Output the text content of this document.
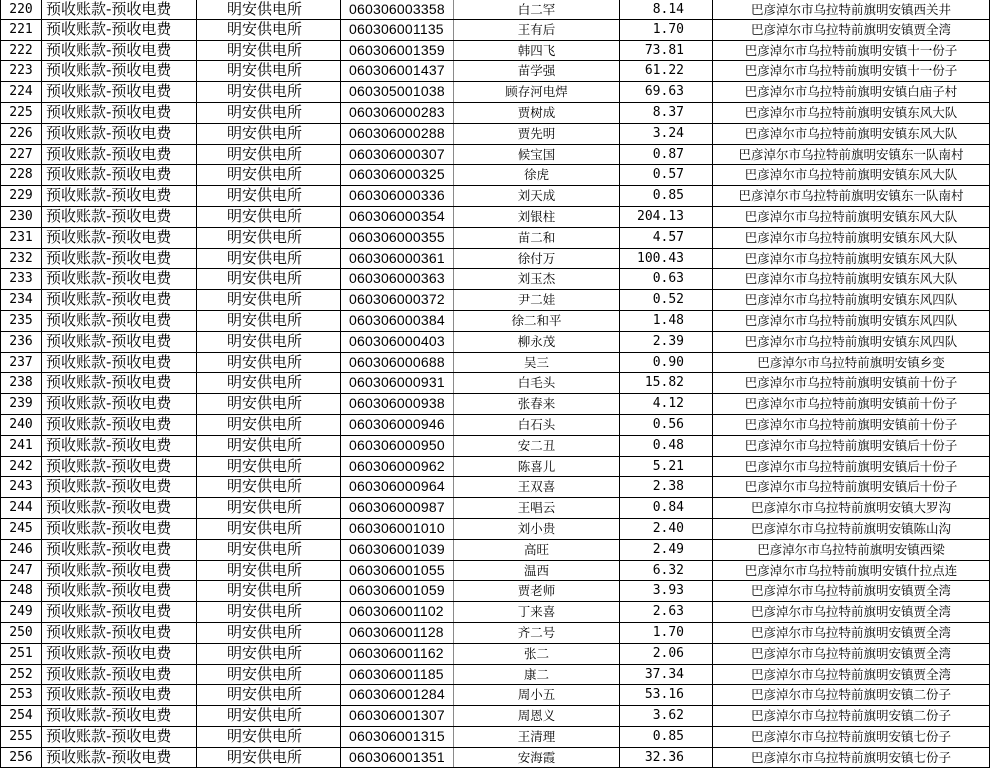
220 预收账款-预收电费	明安供电所	060306003358	白二罕	8.14	巴彦淖尔市乌拉特前旗明安镇西关井
221 预收账款-预收电费	明安供电所	060306001135	王有后	1.70	巴彦淖尔市乌拉特前旗明安镇贾全湾
222 预收账款-预收电费	明安供电所	060306001359	韩四飞	73.81	巴彦淖尔市乌拉特前旗明安镇十一份子
223 预收账款-预收电费	明安供电所	060306001437	苗学强	61.22	巴彦淖尔市乌拉特前旗明安镇十一份子
224 预收账款-预收电费	明安供电所	060305001038	顾存河电焊	69.63	巴彦淖尔市乌拉特前旗明安镇白庙子村
225 预收账款-预收电费	明安供电所	060306000283	贾树成	8.37	巴彦淖尔市乌拉特前旗明安镇东风大队
226 预收账款-预收电费	明安供电所	060306000288	贾先明	3.24	巴彦淖尔市乌拉特前旗明安镇东风大队
227 预收账款-预收电费	明安供电所	060306000307	候宝国	0.87	巴彦淖尔市乌拉特前旗明安镇东一队南村
228 预收账款-预收电费	明安供电所	060306000325	徐虎	0.57	巴彦淖尔市乌拉特前旗明安镇东风大队
229 预收账款-预收电费	明安供电所	060306000336	刘天成	0.85	巴彦淖尔市乌拉特前旗明安镇东一队南村
230 预收账款-预收电费	明安供电所	060306000354	刘银柱	204.13	巴彦淖尔市乌拉特前旗明安镇东风大队
231 预收账款-预收电费	明安供电所	060306000355	苗二和	4.57	巴彦淖尔市乌拉特前旗明安镇东风大队
232 预收账款-预收电费	明安供电所	060306000361	徐付万	100.43	巴彦淖尔市乌拉特前旗明安镇东风大队
233 预收账款-预收电费	明安供电所	060306000363	刘玉杰	0.63	巴彦淖尔市乌拉特前旗明安镇东风大队
234 预收账款-预收电费	明安供电所	060306000372	尹二娃	0.52	巴彦淖尔市乌拉特前旗明安镇东风四队
235 预收账款-预收电费	明安供电所	060306000384	徐二和平	1.48	巴彦淖尔市乌拉特前旗明安镇东风四队
236 预收账款-预收电费	明安供电所	060306000403	柳永茂	2.39	巴彦淖尔市乌拉特前旗明安镇东风四队
237 预收账款-预收电费	明安供电所	060306000688	吴三	0.90	巴彦淖尔市乌拉特前旗明安镇乡变
238 预收账款-预收电费	明安供电所	060306000931	白毛头	15.82	巴彦淖尔市乌拉特前旗明安镇前十份子
239 预收账款-预收电费	明安供电所	060306000938	张春来	4.12	巴彦淖尔市乌拉特前旗明安镇前十份子
240 预收账款-预收电费	明安供电所	060306000946	白石头	0.56	巴彦淖尔市乌拉特前旗明安镇前十份子
241 预收账款-预收电费	明安供电所	060306000950	安二丑	0.48	巴彦淖尔市乌拉特前旗明安镇后十份子
242 预收账款-预收电费	明安供电所	060306000962	陈喜儿	5.21	巴彦淖尔市乌拉特前旗明安镇后十份子
243 预收账款-预收电费	明安供电所	060306000964	王双喜	2.38	巴彦淖尔市乌拉特前旗明安镇后十份子
244 预收账款-预收电费	明安供电所	060306000987	王唱云	0.84	巴彦淖尔市乌拉特前旗明安镇大罗沟
245 预收账款-预收电费	明安供电所	060306001010	刘小贵	2.40	巴彦淖尔市乌拉特前旗明安镇陈山沟
246 预收账款-预收电费	明安供电所	060306001039	高旺	2.49	巴彦淖尔市乌拉特前旗明安镇西梁
247 预收账款-预收电费	明安供电所	060306001055	温西	6.32	巴彦淖尔市乌拉特前旗明安镇什拉点连
248 预收账款-预收电费	明安供电所	060306001059	贾老师	3.93	巴彦淖尔市乌拉特前旗明安镇贾全湾
249 预收账款-预收电费	明安供电所	060306001102	丁来喜	2.63	巴彦淖尔市乌拉特前旗明安镇贾全湾
250 预收账款-预收电费	明安供电所	060306001128	齐二号	1.70	巴彦淖尔市乌拉特前旗明安镇贾全湾
251 预收账款-预收电费	明安供电所	060306001162	张二	2.06	巴彦淖尔市乌拉特前旗明安镇贾全湾
252 预收账款-预收电费	明安供电所	060306001185	康二	37.34	巴彦淖尔市乌拉特前旗明安镇贾全湾
253 预收账款-预收电费	明安供电所	060306001284	周小五	53.16	巴彦淖尔市乌拉特前旗明安镇二份子
254 预收账款-预收电费	明安供电所	060306001307	周恩义	3.62	巴彦淖尔市乌拉特前旗明安镇二份子
255 预收账款-预收电费	明安供电所	060306001315	王清理	0.85	巴彦淖尔市乌拉特前旗明安镇七份子
256 预收账款-预收电费	明安供电所	060306001351	安海霞	32.36	巴彦淖尔市乌拉特前旗明安镇七份子
